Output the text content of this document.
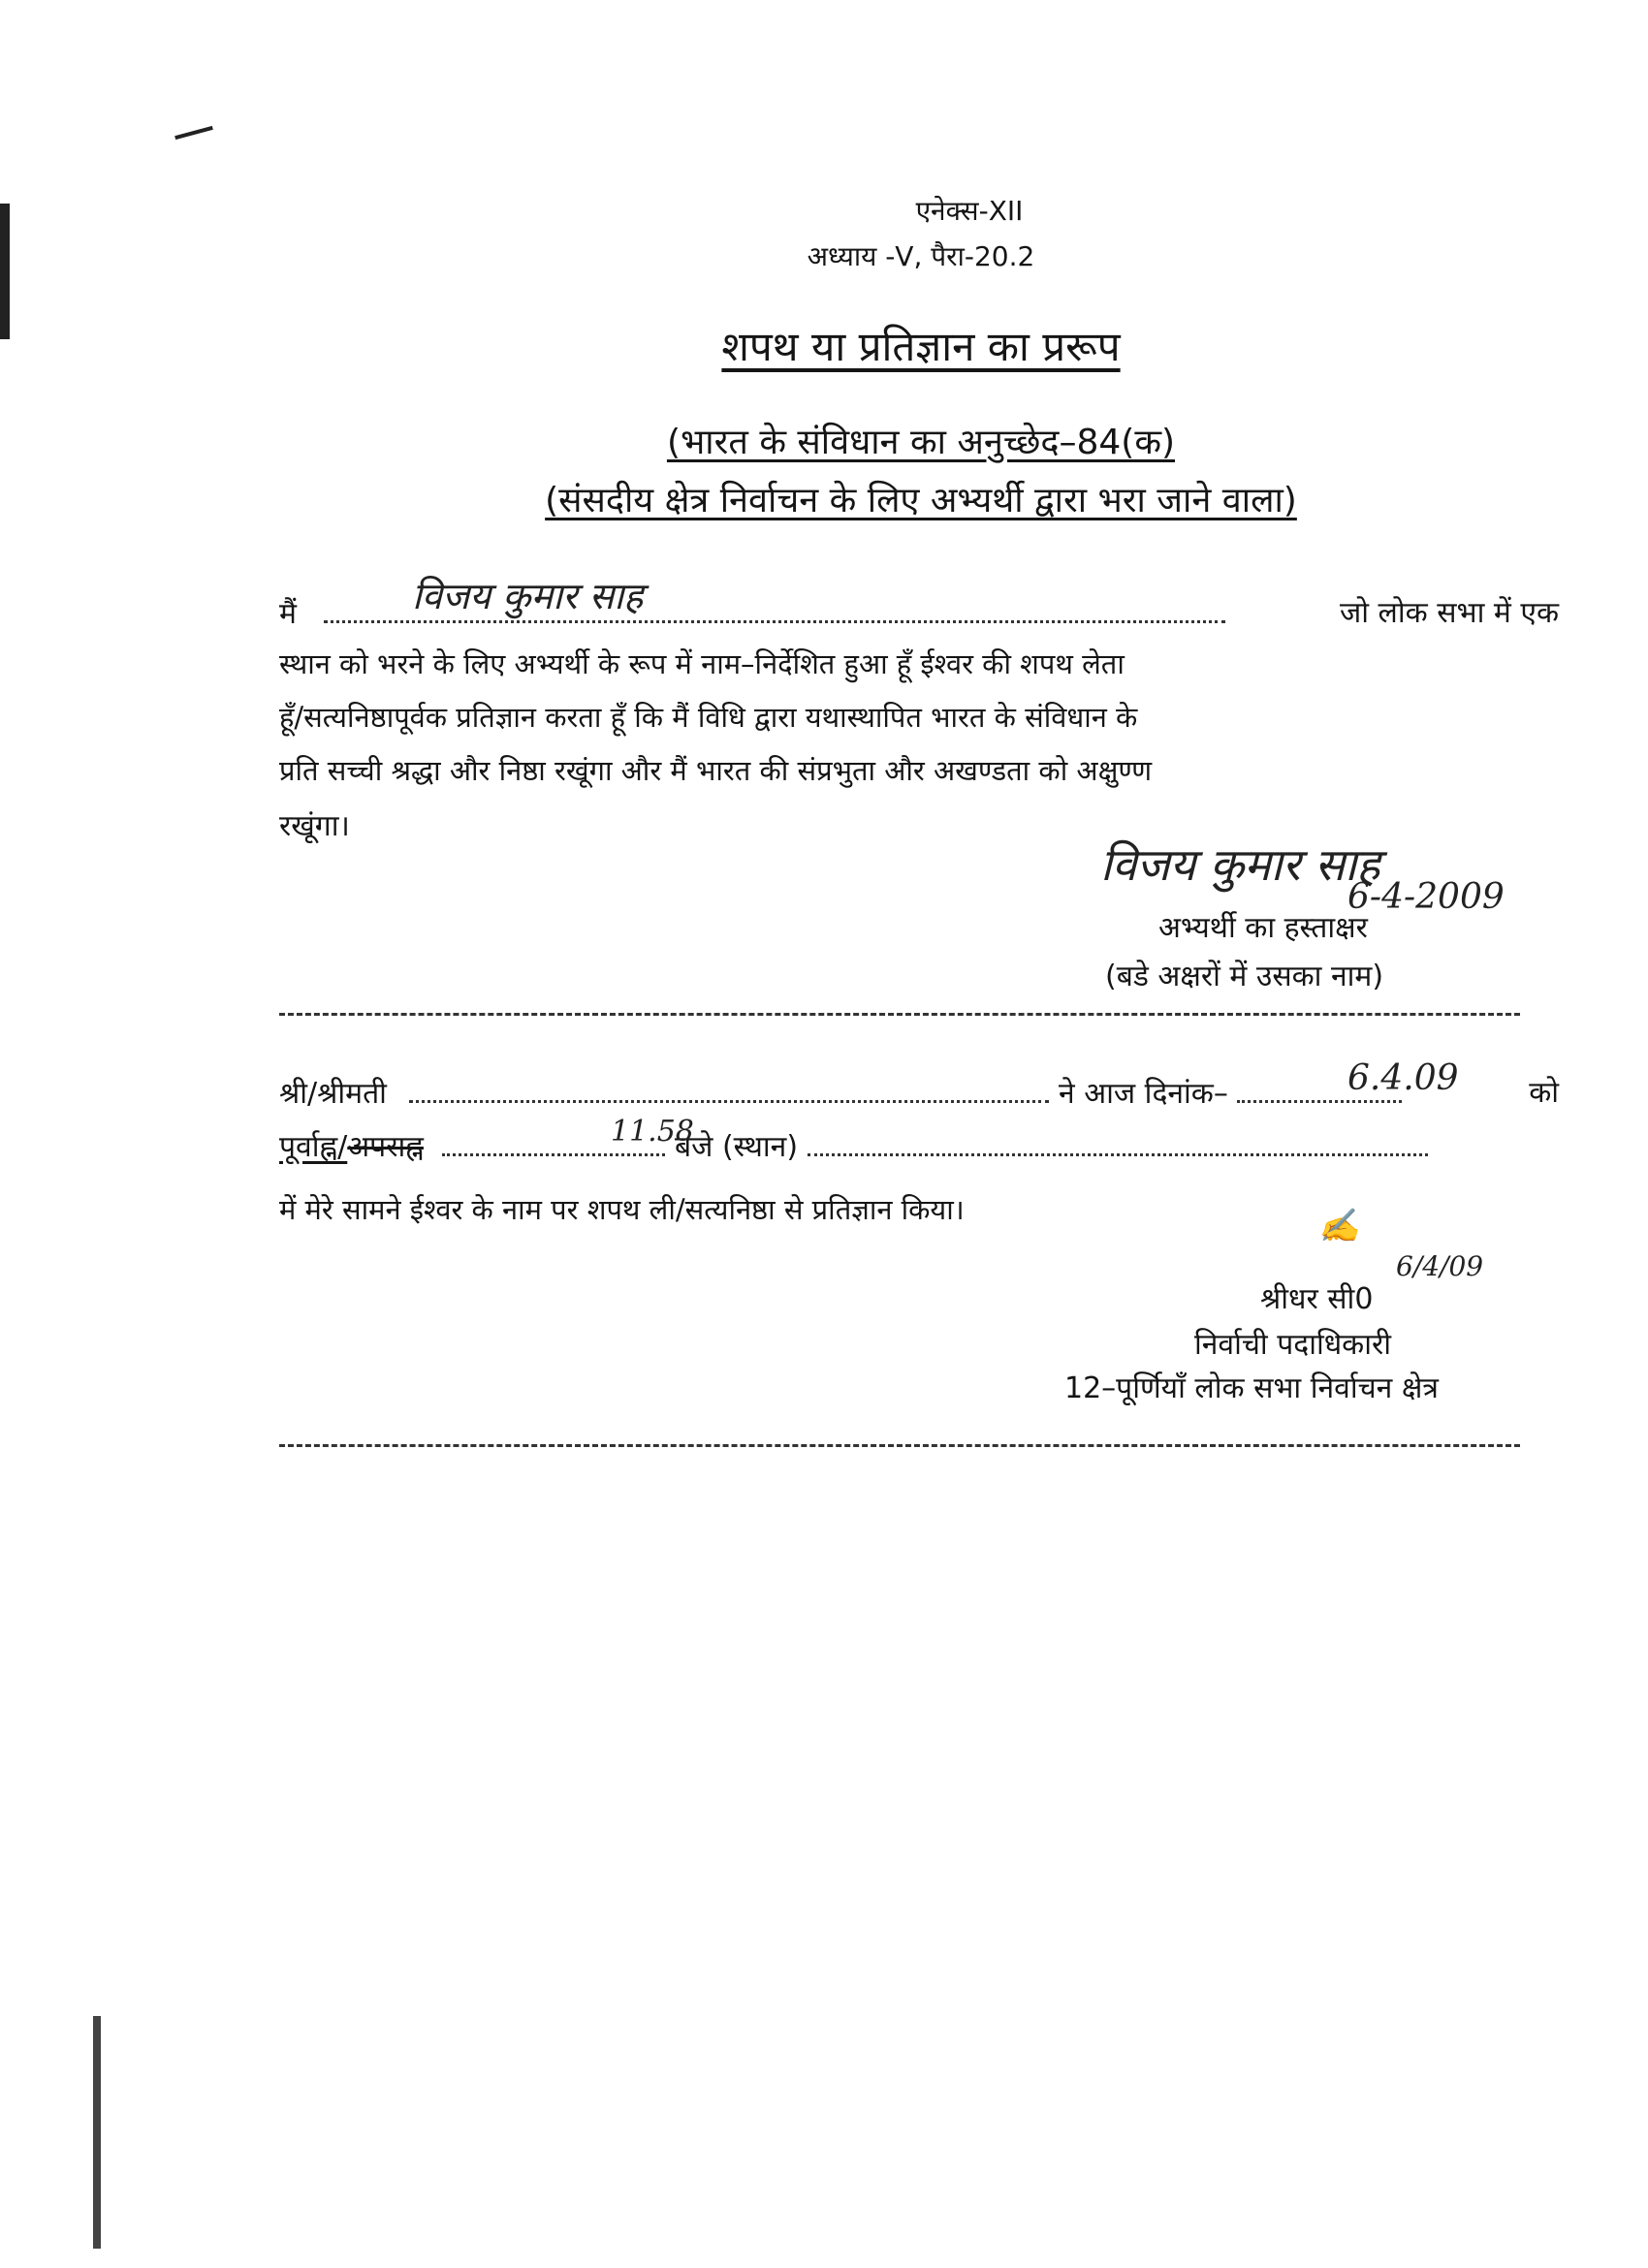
एनेक्स-XII
अध्याय -V, पैरा-20.2
शपथ या प्रतिज्ञान का प्ररूप
(भारत के संविधान का अनुच्छेद–84(क)
(संसदीय क्षेत्र निर्वाचन के लिए अभ्यर्थी द्वारा भरा जाने वाला)
मैं	जो लोक सभा में एक
विजय कुमार साह
स्थान को भरने के लिए अभ्यर्थी के रूप में नाम–निर्देशित हुआ हूँ ईश्वर की शपथ लेता
हूँ/सत्यनिष्ठापूर्वक प्रतिज्ञान करता हूँ कि मैं विधि द्वारा यथास्थापित भारत के संविधान के
प्रति सच्ची श्रद्धा और निष्ठा रखूंगा और मैं भारत की संप्रभुता और अखण्डता को अक्षुण्ण
रखूंगा।
विजय कुमार साह
6-4-2009
अभ्यर्थी का हस्ताक्षर
(बडे अक्षरों में उसका नाम)
श्री/श्रीमती	ने आज दिनांक–	को
6.4.09
पूर्वाह्न/अपराह्न	बजे (स्थान)
11.58
में मेरे सामने ईश्वर के नाम पर शपथ ली/सत्यनिष्ठा से प्रतिज्ञान किया।	✍
6/4/09
श्रीधर सी0
निर्वाची पदाधिकारी
12–पूर्णियाँ लोक सभा निर्वाचन क्षेत्र
